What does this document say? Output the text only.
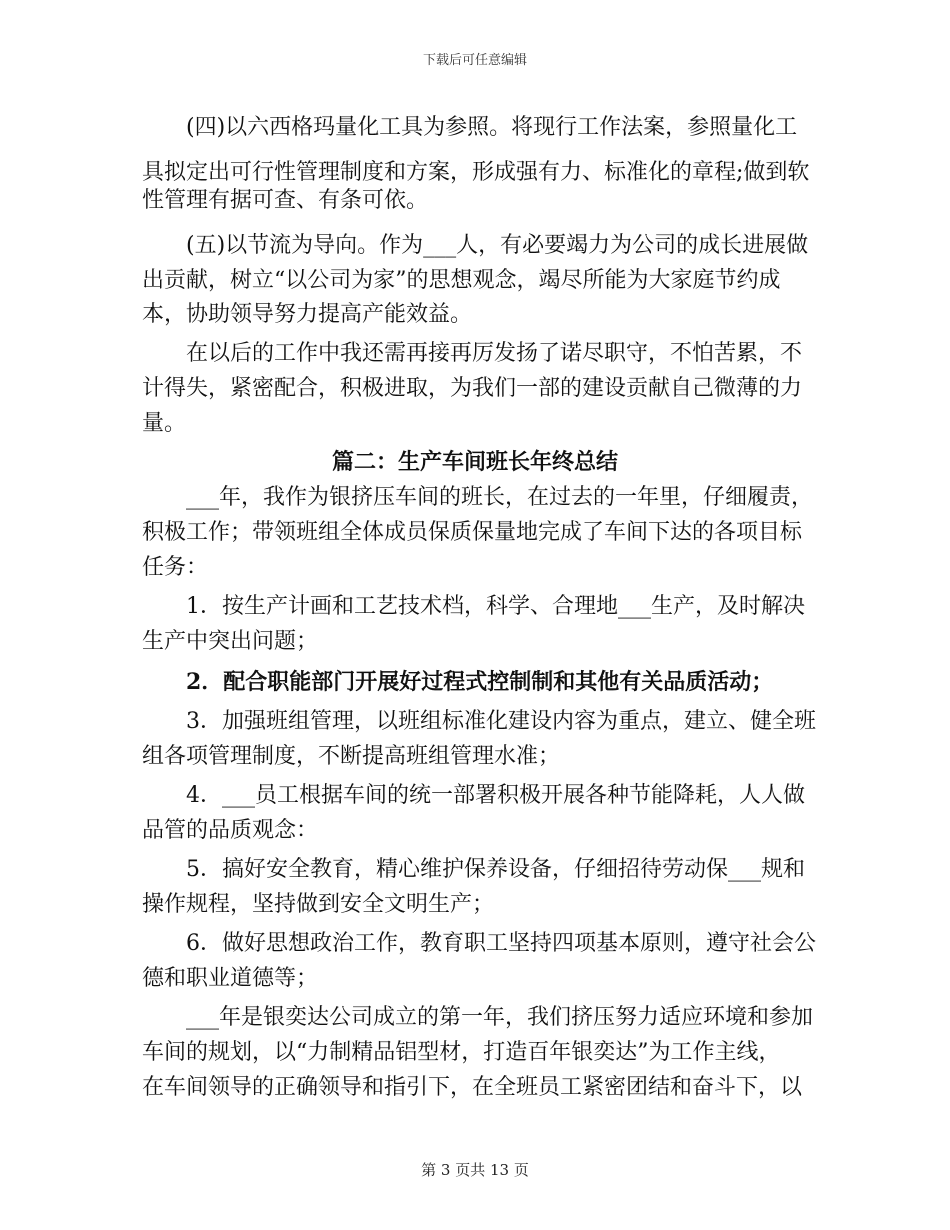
下载后可任意编辑
(四)以六西格玛量化工具为参照。将现行工作法案，参照量化工
具拟定出可行性管理制度和方案，形成强有力、标准化的章程;做到软
性管理有据可查、有条可依。
(五)以节流为导向。作为___人，有必要竭力为公司的成长进展做
出贡献，树立“以公司为家”的思想观念，竭尽所能为大家庭节约成
本，协助领导努力提高产能效益。
在以后的工作中我还需再接再厉发扬了诺尽职守，不怕苦累，不
计得失，紧密配合，积极进取，为我们一部的建设贡献自己微薄的力
量。
篇二：生产车间班长年终总结
___年，我作为银挤压车间的班长，在过去的一年里，仔细履责，
积极工作；带领班组全体成员保质保量地完成了车间下达的各项目标
任务：
1．按生产计画和工艺技术档，科学、合理地___生产，及时解决
生产中突出问题；
2．配合职能部门开展好过程式控制制和其他有关品质活动；
3．加强班组管理，以班组标准化建设内容为重点，建立、健全班
组各项管理制度，不断提高班组管理水准；
4．___员工根据车间的统一部署积极开展各种节能降耗，人人做
品管的品质观念：
5．搞好安全教育，精心维护保养设备，仔细招待劳动保___规和
操作规程，坚持做到安全文明生产；
6．做好思想政治工作，教育职工坚持四项基本原则，遵守社会公
德和职业道德等；
___年是银奕达公司成立的第一年，我们挤压努力适应环境和参加
车间的规划，以“力制精品铝型材，打造百年银奕达”为工作主线，
在车间领导的正确领导和指引下，在全班员工紧密团结和奋斗下，以
第 3 页共 13 页
